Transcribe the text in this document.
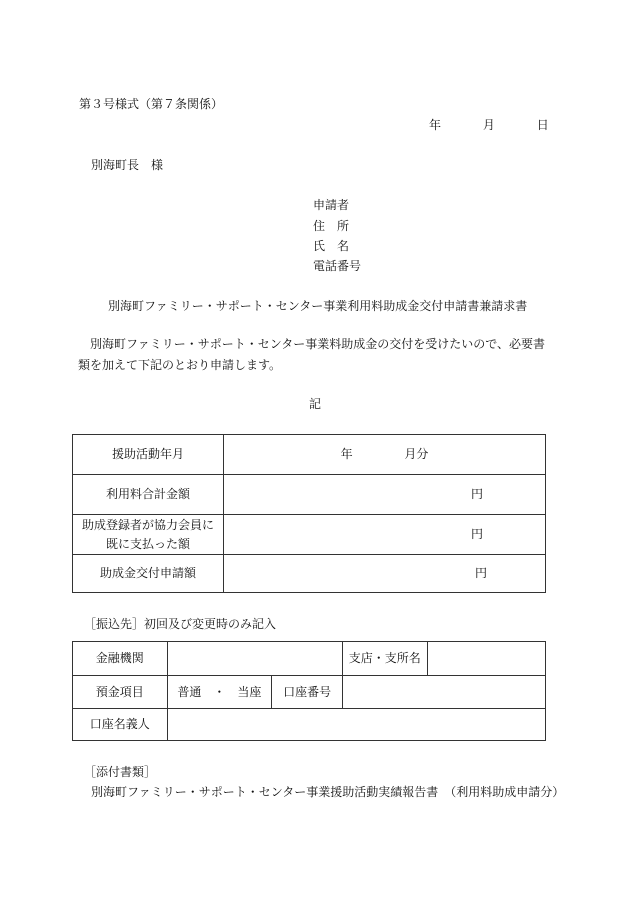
第３号様式（第７条関係）
年	月	日
別海町長　様
申請者
住　所
氏　名
電話番号
別海町ファミリー・サポート・センター事業利用料助成金交付申請書兼請求書
　別海町ファミリー・サポート・センター事業料助成金の交付を受けたいので、必要書類を加えて下記のとおり申請します。
記
援助活動年月	年 月分
利用料合計金額	円

助成登録者が協力会員に
既に支払った額	円
助成金交付申請額	円
［振込先］初回及び変更時のみ記入
金融機関			支店・支所名	
預金項目	普通　・　当座	口座番号		
口座名義人				
［添付書類］
別海町ファミリー・サポート・センター事業援助活動実績報告書　（利用料助成申請分）
